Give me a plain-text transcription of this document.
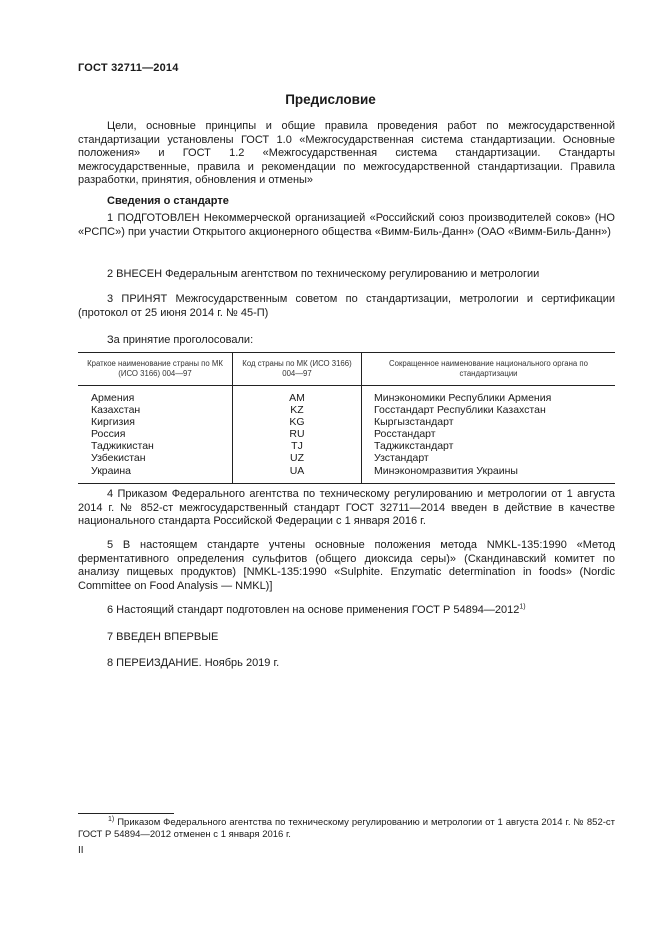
ГОСТ 32711—2014
Предисловие

Цели, основные принципы и общие правила проведения работ по межгосударственной стандартизации установлены ГОСТ 1.0 «Межгосударственная система стандартизации. Основные положения» и ГОСТ 1.2 «Межгосударственная система стандартизации. Стандарты межгосударственные, правила и рекомендации по межгосударственной стандартизации. Правила разработки, принятия, обновления и отмены»

Сведения о стандарте

1 ПОДГОТОВЛЕН Некоммерческой организацией «Российский союз производителей соков» (НО «РСПС») при участии Открытого акционерного общества «Вимм-Биль-Данн» (ОАО «Вимм-Биль-Данн»)

2 ВНЕСЕН Федеральным агентством по техническому регулированию и метрологии

3 ПРИНЯТ Межгосударственным советом по стандартизации, метрологии и сертификации (протокол от 25 июня 2014 г. № 45-П)

За принятие проголосовали:
Краткое наименование страны по МК (ИСО 3166) 004—97	Код страны по МК (ИСО 3166) 004—97	Сокращенное наименование национального органа по стандартизации
Армения	AM	Минэкономики Республики Армения
Казахстан	KZ	Госстандарт Республики Казахстан
Киргизия	KG	Кыргызстандарт
Россия	RU	Росстандарт
Таджикистан	TJ	Таджикстандарт
Узбекистан	UZ	Узстандарт
Украина	UA	Минэкономразвития Украины

4 Приказом Федерального агентства по техническому регулированию и метрологии от 1 августа 2014 г. № 852-ст межгосударственный стандарт ГОСТ 32711—2014 введен в действие в качестве национального стандарта Российской Федерации с 1 января 2016 г.

5 В настоящем стандарте учтены основные положения метода NMKL-135:1990 «Метод ферментативного определения сульфитов (общего диоксида серы)» (Скандинавский комитет по анализу пищевых продуктов) [NMKL-135:1990 «Sulphite. Enzymatic determination in foods» (Nordic Committee on Food Analysis — NMKL)]

6 Настоящий стандарт подготовлен на основе применения ГОСТ Р 54894—2012$^{1)}$

7 ВВЕДЕН ВПЕРВЫЕ

8 ПЕРЕИЗДАНИЕ. Ноябрь 2019 г.

$^{1)}$ Приказом Федерального агентства по техническому регулированию и метрологии от 1 августа 2014 г. № 852-ст ГОСТ Р 54894—2012 отменен с 1 января 2016 г.

II
